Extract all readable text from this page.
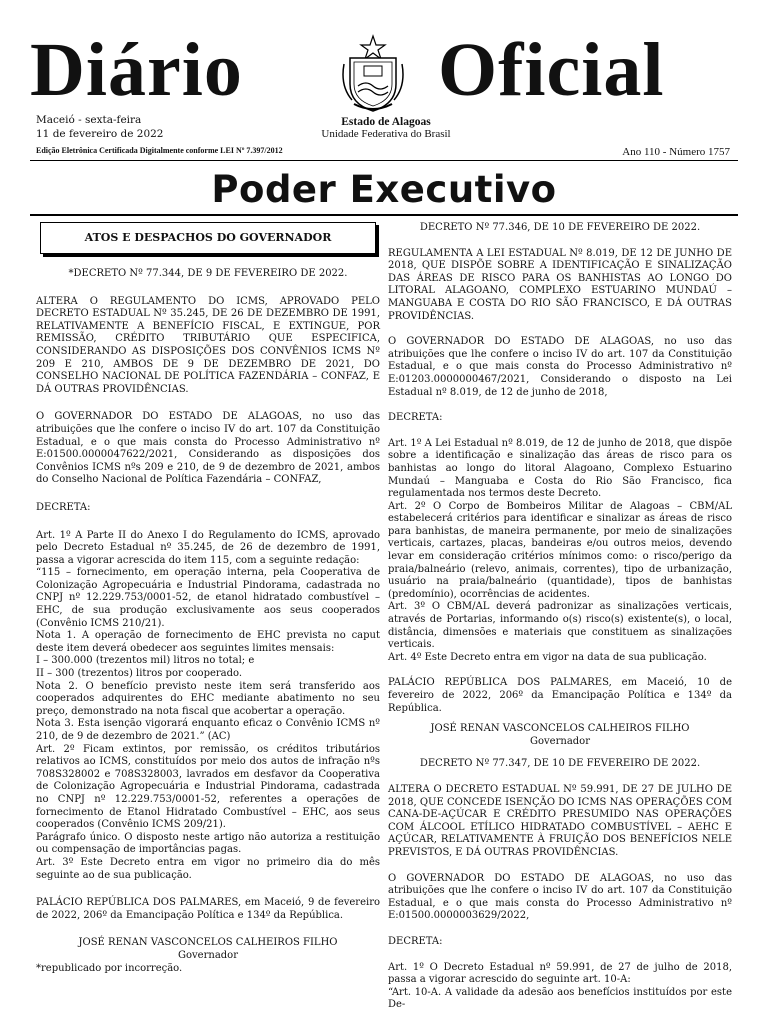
Diário	Oficial
Maceió - sexta-feira
11 de fevereiro de 2022
Estado de Alagoas
Unidade Federativa do Brasil
Edição Eletrônica Certificada Digitalmente conforme LEI Nº 7.397/2012	Ano 110 - Número 1757
Poder Executivo
ATOS E DESPACHOS DO GOVERNADOR

*DECRETO Nº 77.344, DE 9 DE FEVEREIRO DE 2022.

ALTERA O REGULAMENTO DO ICMS, APROVADO PELO DECRETO ESTADUAL Nº 35.245, DE 26 DE DEZEMBRO DE 1991, RELATIVAMENTE A BENEFÍCIO FISCAL, E EXTINGUE, POR REMISSÃO, CRÉDITO TRIBUTÁRIO QUE ESPECIFICA, CONSIDERANDO AS DISPOSIÇÕES DOS CONVÊNIOS ICMS Nº 209 E 210, AMBOS DE 9 DE DEZEMBRO DE 2021, DO CONSELHO NACIONAL DE POLÍTICA FAZENDÁRIA – CONFAZ, E DÁ OUTRAS PROVIDÊNCIAS.

O GOVERNADOR DO ESTADO DE ALAGOAS, no uso das atribuições que lhe confere o inciso IV do art. 107 da Constituição Estadual, e o que mais consta do Processo Administrativo nº E:01500.0000047622/2021, Considerando as disposições dos Convênios ICMS nºs 209 e 210, de 9 de dezembro de 2021, ambos do Conselho Nacional de Política Fazendária – CONFAZ,

DECRETA:

Art. 1º A Parte II do Anexo I do Regulamento do ICMS, aprovado pelo Decreto Estadual nº 35.245, de 26 de dezembro de 1991, passa a vigorar acrescida do item 115, com a seguinte redação:

“115 – fornecimento, em operação interna, pela Cooperativa de Colonização Agropecuária e Industrial Pindorama, cadastrada no CNPJ nº 12.229.753/0001-52, de etanol hidratado combustível – EHC, de sua produção exclusivamente aos seus cooperados (Convênio ICMS 210/21).

Nota 1. A operação de fornecimento de EHC prevista no caput deste item deverá obedecer aos seguintes limites mensais:

I – 300.000 (trezentos mil) litros no total; e

II – 300 (trezentos) litros por cooperado.

Nota 2. O benefício previsto neste item será transferido aos cooperados adquirentes do EHC mediante abatimento no seu preço, demonstrado na nota fiscal que acobertar a operação.

Nota 3. Esta isenção vigorará enquanto eficaz o Convênio ICMS nº 210, de 9 de dezembro de 2021.” (AC)

Art. 2º Ficam extintos, por remissão, os créditos tributários relativos ao ICMS, constituídos por meio dos autos de infração nºs 708S328002 e 708S328003, lavrados em desfavor da Cooperativa de Colonização Agropecuária e Industrial Pindorama, cadastrada no CNPJ nº 12.229.753/0001-52, referentes a operações de fornecimento de Etanol Hidratado Combustível – EHC, aos seus cooperados (Convênio ICMS 209/21).

Parágrafo único. O disposto neste artigo não autoriza a restituição ou compensação de importâncias pagas.

Art. 3º Este Decreto entra em vigor no primeiro dia do mês seguinte ao de sua publicação.

PALÁCIO REPÚBLICA DOS PALMARES, em Maceió, 9 de fevereiro de 2022, 206º da Emancipação Política e 134º da República.

JOSÉ RENAN VASCONCELOS CALHEIROS FILHO

Governador

*republicado por incorreção.

DECRETO Nº 77.346, DE 10 DE FEVEREIRO DE 2022.

REGULAMENTA A LEI ESTADUAL Nº 8.019, DE 12 DE JUNHO DE 2018, QUE DISPÕE SOBRE A IDENTIFICAÇÃO E SINALIZAÇÃO DAS ÁREAS DE RISCO PARA OS BANHISTAS AO LONGO DO LITORAL ALAGOANO, COMPLEXO ESTUARINO MUNDAÚ – MANGUABA E COSTA DO RIO SÃO FRANCISCO, E DÁ OUTRAS PROVIDÊNCIAS.

O GOVERNADOR DO ESTADO DE ALAGOAS, no uso das atribuições que lhe confere o inciso IV do art. 107 da Constituição Estadual, e o que mais consta do Processo Administrativo nº E:01203.0000000467/2021, Considerando o disposto na Lei Estadual nº 8.019, de 12 de junho de 2018,

DECRETA:

Art. 1º A Lei Estadual nº 8.019, de 12 de junho de 2018, que dispõe sobre a identificação e sinalização das áreas de risco para os banhistas ao longo do litoral Alagoano, Complexo Estuarino Mundaú – Manguaba e Costa do Rio São Francisco, fica regulamentada nos termos deste Decreto.

Art. 2º O Corpo de Bombeiros Militar de Alagoas – CBM/AL estabelecerá critérios para identificar e sinalizar as áreas de risco para banhistas, de maneira permanente, por meio de sinalizações verticais, cartazes, placas, bandeiras e/ou outros meios, devendo levar em consideração critérios mínimos como: o risco/perigo da praia/balneário (relevo, animais, correntes), tipo de urbanização, usuário na praia/balneário (quantidade), tipos de banhistas (predomínio), ocorrências de acidentes.

Art. 3º O CBM/AL deverá padronizar as sinalizações verticais, através de Portarias, informando o(s) risco(s) existente(s), o local, distância, dimensões e materiais que constituem as sinalizações verticais.

Art. 4º Este Decreto entra em vigor na data de sua publicação.

PALÁCIO REPÚBLICA DOS PALMARES, em Maceió, 10 de fevereiro de 2022, 206º da Emancipação Política e 134º da República.

JOSÉ RENAN VASCONCELOS CALHEIROS FILHO

Governador

DECRETO Nº 77.347, DE 10 DE FEVEREIRO DE 2022.

ALTERA O DECRETO ESTADUAL Nº 59.991, DE 27 DE JULHO DE 2018, QUE CONCEDE ISENÇÃO DO ICMS NAS OPERAÇÕES COM CANA-DE-AÇÚCAR E CRÉDITO PRESUMIDO NAS OPERAÇÕES COM ÁLCOOL ETÍLICO HIDRATADO COMBUSTÍVEL – AEHC E AÇÚCAR, RELATIVAMENTE À FRUIÇÃO DOS BENEFÍCIOS NELE PREVISTOS, E DÁ OUTRAS PROVIDÊNCIAS.

O GOVERNADOR DO ESTADO DE ALAGOAS, no uso das atribuições que lhe confere o inciso IV do art. 107 da Constituição Estadual, e o que mais consta do Processo Administrativo nº E:01500.0000003629/2022,

DECRETA:

Art. 1º O Decreto Estadual nº 59.991, de 27 de julho de 2018, passa a vigorar acrescido do seguinte art. 10-A:

“Art. 10-A. A validade da adesão aos benefícios instituídos por este De-
